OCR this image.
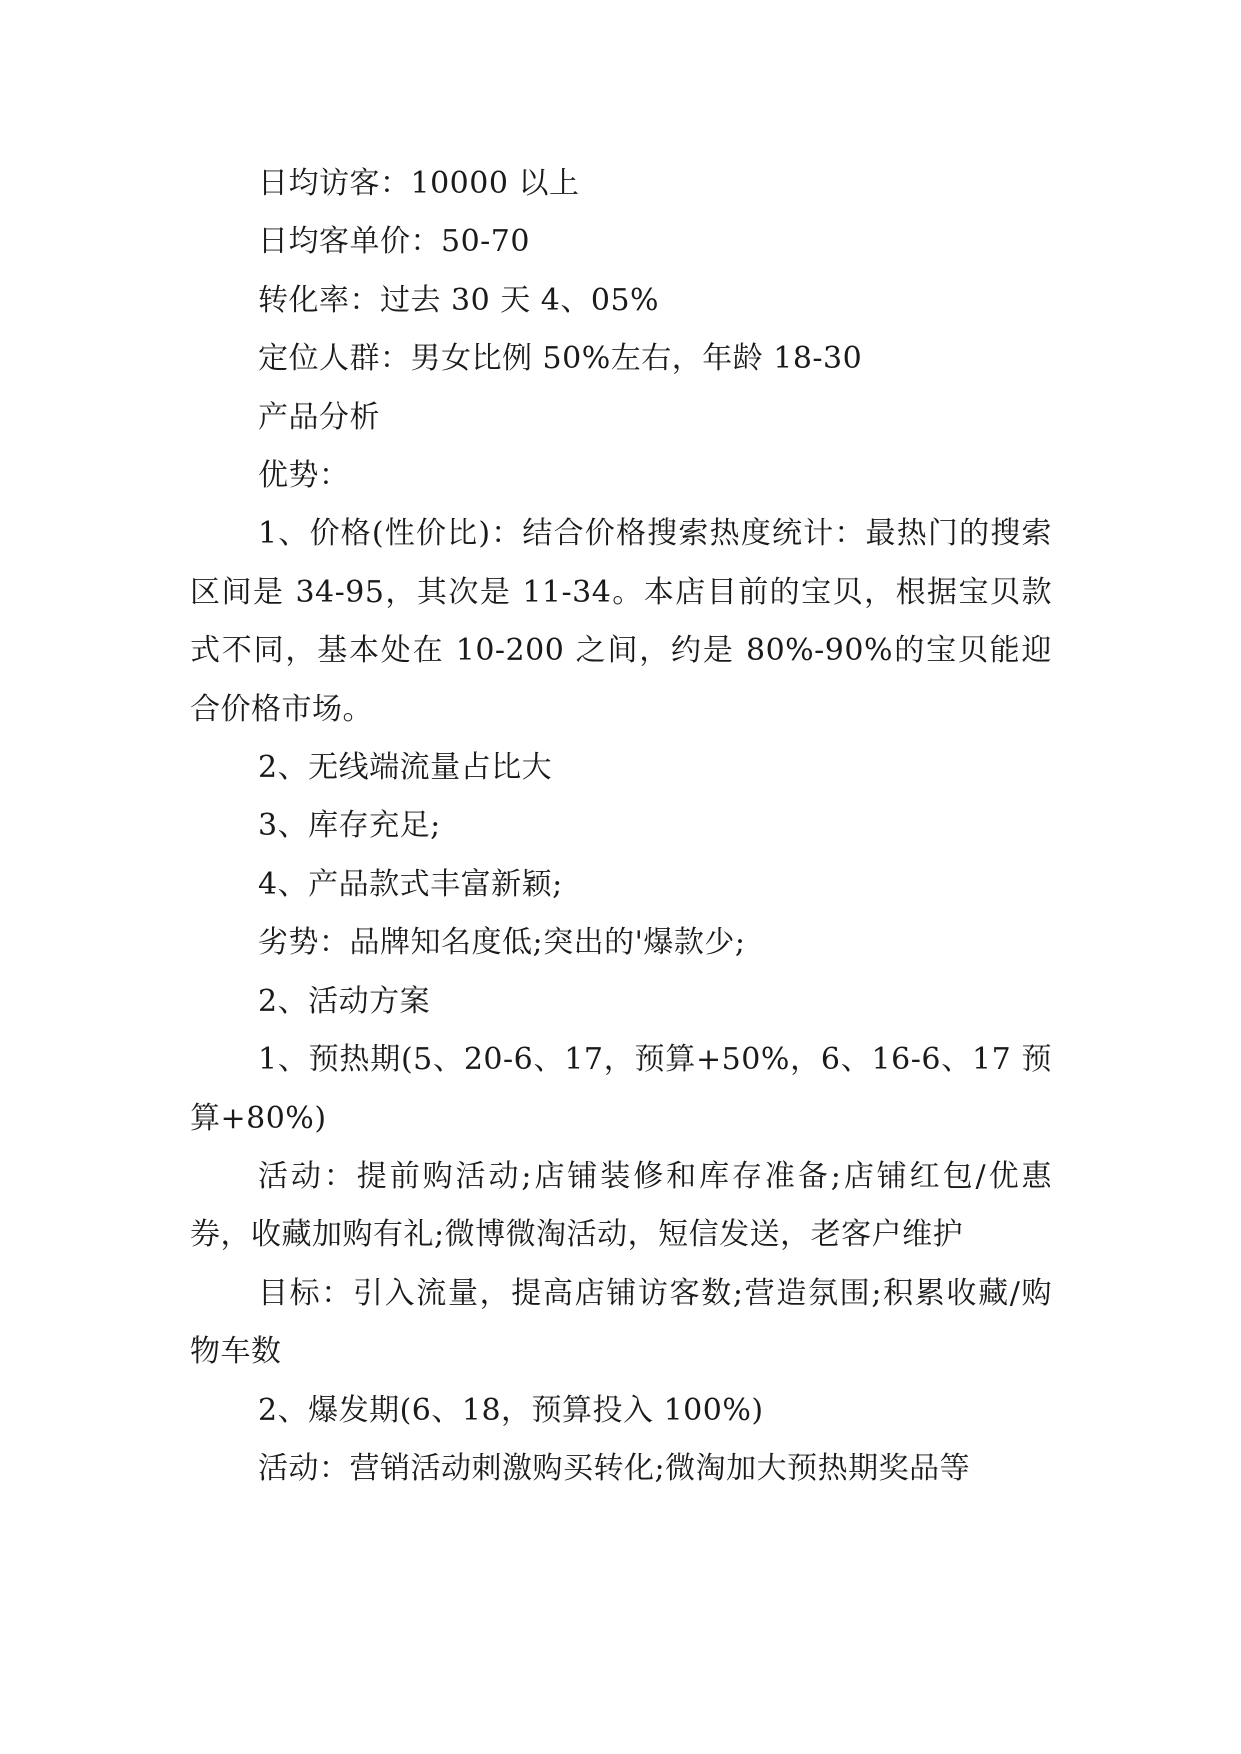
日均访客：10000 以上

日均客单价：50-70

转化率：过去 30 天 4、05%

定位人群：男女比例 50%左右，年龄 18-30

产品分析

优势：

1、价格(性价比)：结合价格搜索热度统计：最热门的搜索区间是 34-95，其次是 11-34。本店目前的宝贝，根据宝贝款式不同，基本处在 10-200 之间，约是 80%-90%的宝贝能迎合价格市场。

2、无线端流量占比大

3、库存充足;

4、产品款式丰富新颖;

劣势：品牌知名度低;突出的'爆款少;

2、活动方案

1、预热期(5、20-6、17，预算+50%，6、16-6、17 预算+80%)

活动：提前购活动;店铺装修和库存准备;店铺红包/优惠券，收藏加购有礼;微博微淘活动，短信发送，老客户维护

目标：引入流量，提高店铺访客数;营造氛围;积累收藏/购物车数

2、爆发期(6、18，预算投入 100%)

活动：营销活动刺激购买转化;微淘加大预热期奖品等
